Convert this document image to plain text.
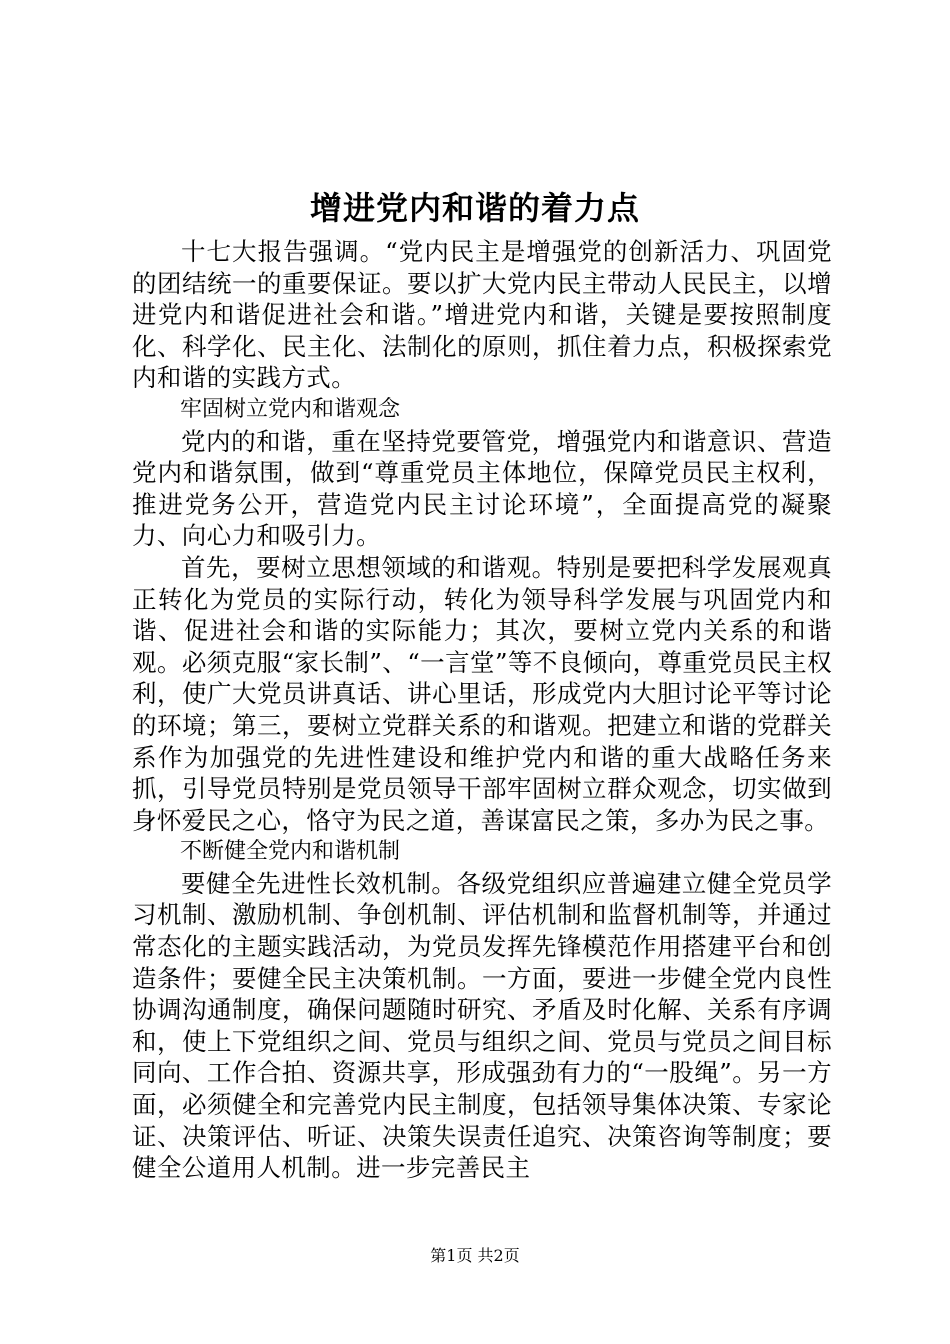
增进党内和谐的着力点

十七大报告强调。“党内民主是增强党的创新活力、巩固党的团结统一的重要保证。要以扩大党内民主带动人民民主，以增进党内和谐促进社会和谐。”增进党内和谐，关键是要按照制度化、科学化、民主化、法制化的原则，抓住着力点，积极探索党内和谐的实践方式。

牢固树立党内和谐观念

党内的和谐，重在坚持党要管党，增强党内和谐意识、营造党内和谐氛围，做到“尊重党员主体地位，保障党员民主权利，推进党务公开，营造党内民主讨论环境”，全面提高党的凝聚力、向心力和吸引力。

首先，要树立思想领域的和谐观。特别是要把科学发展观真正转化为党员的实际行动，转化为领导科学发展与巩固党内和谐、促进社会和谐的实际能力；其次，要树立党内关系的和谐观。必须克服“家长制”、“一言堂”等不良倾向，尊重党员民主权利，使广大党员讲真话、讲心里话，形成党内大胆讨论平等讨论的环境；第三，要树立党群关系的和谐观。把建立和谐的党群关系作为加强党的先进性建设和维护党内和谐的重大战略任务来抓，引导党员特别是党员领导干部牢固树立群众观念，切实做到身怀爱民之心，恪守为民之道，善谋富民之策，多办为民之事。

不断健全党内和谐机制

要健全先进性长效机制。各级党组织应普遍建立健全党员学习机制、激励机制、争创机制、评估机制和监督机制等，并通过常态化的主题实践活动，为党员发挥先锋模范作用搭建平台和创造条件；要健全民主决策机制。一方面，要进一步健全党内良性协调沟通制度，确保问题随时研究、矛盾及时化解、关系有序调和，使上下党组织之间、党员与组织之间、党员与党员之间目标同向、工作合拍、资源共享，形成强劲有力的“一股绳”。另一方面，必须健全和完善党内民主制度，包括领导集体决策、专家论证、决策评估、听证、决策失误责任追究、决策咨询等制度；要健全公道用人机制。进一步完善民主

第1页 共2页
